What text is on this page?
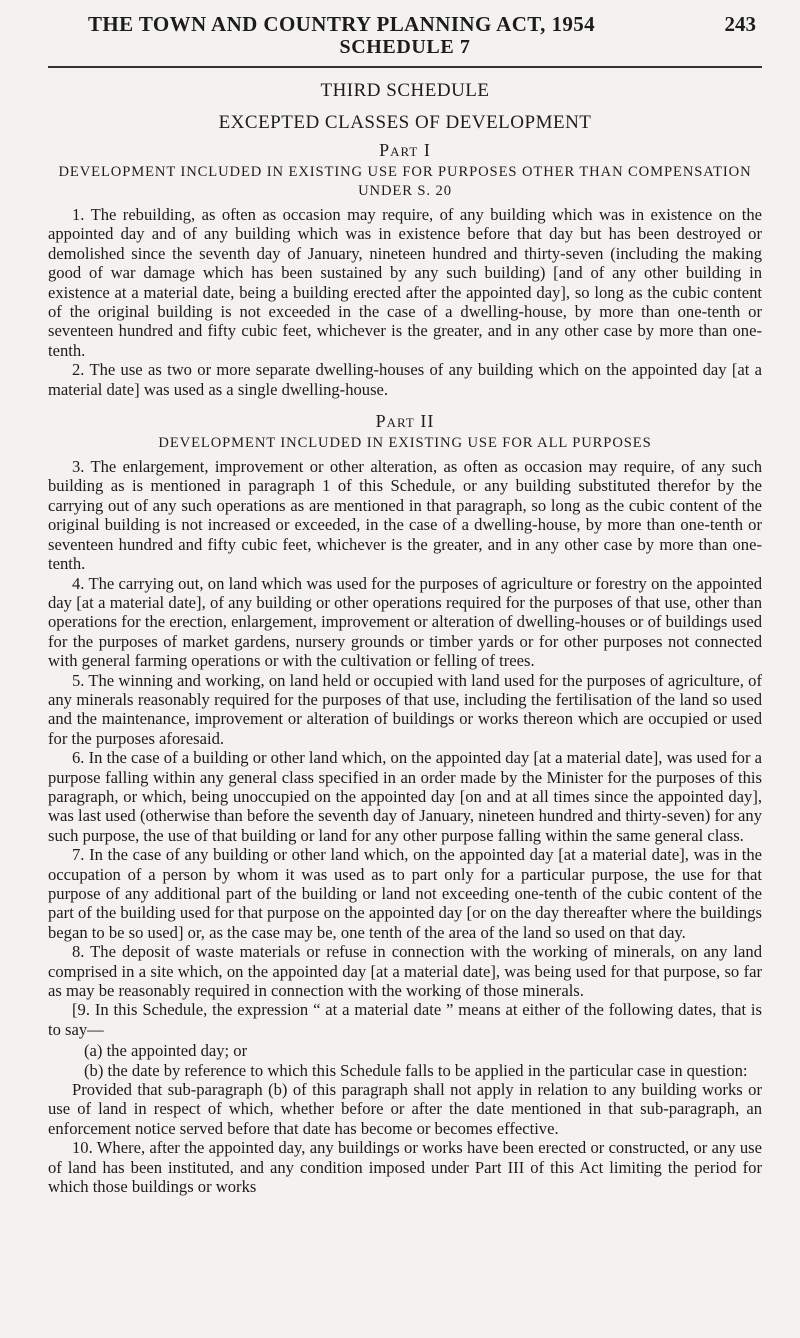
THE TOWN AND COUNTRY PLANNING ACT, 1954	243
SCHEDULE 7
THIRD SCHEDULE
EXCEPTED CLASSES OF DEVELOPMENT
Part I
DEVELOPMENT INCLUDED IN EXISTING USE FOR PURPOSES OTHER THAN COMPENSATION UNDER S. 20

1. The rebuilding, as often as occasion may require, of any building which was in existence on the appointed day and of any building which was in existence before that day but has been destroyed or demolished since the seventh day of January, nineteen hundred and thirty-seven (including the making good of war damage which has been sustained by any such building) [and of any other building in existence at a material date, being a building erected after the appointed day], so long as the cubic content of the original building is not exceeded in the case of a dwelling-house, by more than one-tenth or seventeen hundred and fifty cubic feet, whichever is the greater, and in any other case by more than one-tenth.

2. The use as two or more separate dwelling-houses of any building which on the appointed day [at a material date] was used as a single dwelling-house.

Part II
DEVELOPMENT INCLUDED IN EXISTING USE FOR ALL PURPOSES

3. The enlargement, improvement or other alteration, as often as occasion may require, of any such building as is mentioned in paragraph 1 of this Schedule, or any building substituted therefor by the carrying out of any such operations as are mentioned in that paragraph, so long as the cubic content of the original building is not increased or exceeded, in the case of a dwelling-house, by more than one-tenth or seventeen hundred and fifty cubic feet, whichever is the greater, and in any other case by more than one-tenth.

4. The carrying out, on land which was used for the purposes of agriculture or forestry on the appointed day [at a material date], of any building or other operations required for the purposes of that use, other than operations for the erection, enlargement, improvement or alteration of dwelling-houses or of buildings used for the purposes of market gardens, nursery grounds or timber yards or for other purposes not connected with general farming operations or with the cultivation or felling of trees.

5. The winning and working, on land held or occupied with land used for the purposes of agriculture, of any minerals reasonably required for the purposes of that use, including the fertilisation of the land so used and the maintenance, improvement or alteration of buildings or works thereon which are occupied or used for the purposes aforesaid.

6. In the case of a building or other land which, on the appointed day [at a material date], was used for a purpose falling within any general class specified in an order made by the Minister for the purposes of this paragraph, or which, being unoccupied on the appointed day [on and at all times since the appointed day], was last used (otherwise than before the seventh day of January, nineteen hundred and thirty-seven) for any such purpose, the use of that building or land for any other purpose falling within the same general class.

7. In the case of any building or other land which, on the appointed day [at a material date], was in the occupation of a person by whom it was used as to part only for a particular purpose, the use for that purpose of any additional part of the building or land not exceeding one-tenth of the cubic content of the part of the building used for that purpose on the appointed day [or on the day thereafter where the buildings began to be so used] or, as the case may be, one tenth of the area of the land so used on that day.

8. The deposit of waste materials or refuse in connection with the working of minerals, on any land comprised in a site which, on the appointed day [at a material date], was being used for that purpose, so far as may be reasonably required in connection with the working of those minerals.

[9. In this Schedule, the expression “ at a material date ” means at either of the following dates, that is to say—

(a) the appointed day; or

(b) the date by reference to which this Schedule falls to be applied in the particular case in question:

Provided that sub-paragraph (b) of this paragraph shall not apply in relation to any building works or use of land in respect of which, whether before or after the date mentioned in that sub-paragraph, an enforcement notice served before that date has become or becomes effective.

10. Where, after the appointed day, any buildings or works have been erected or constructed, or any use of land has been instituted, and any condition imposed under Part III of this Act limiting the period for which those buildings or works
